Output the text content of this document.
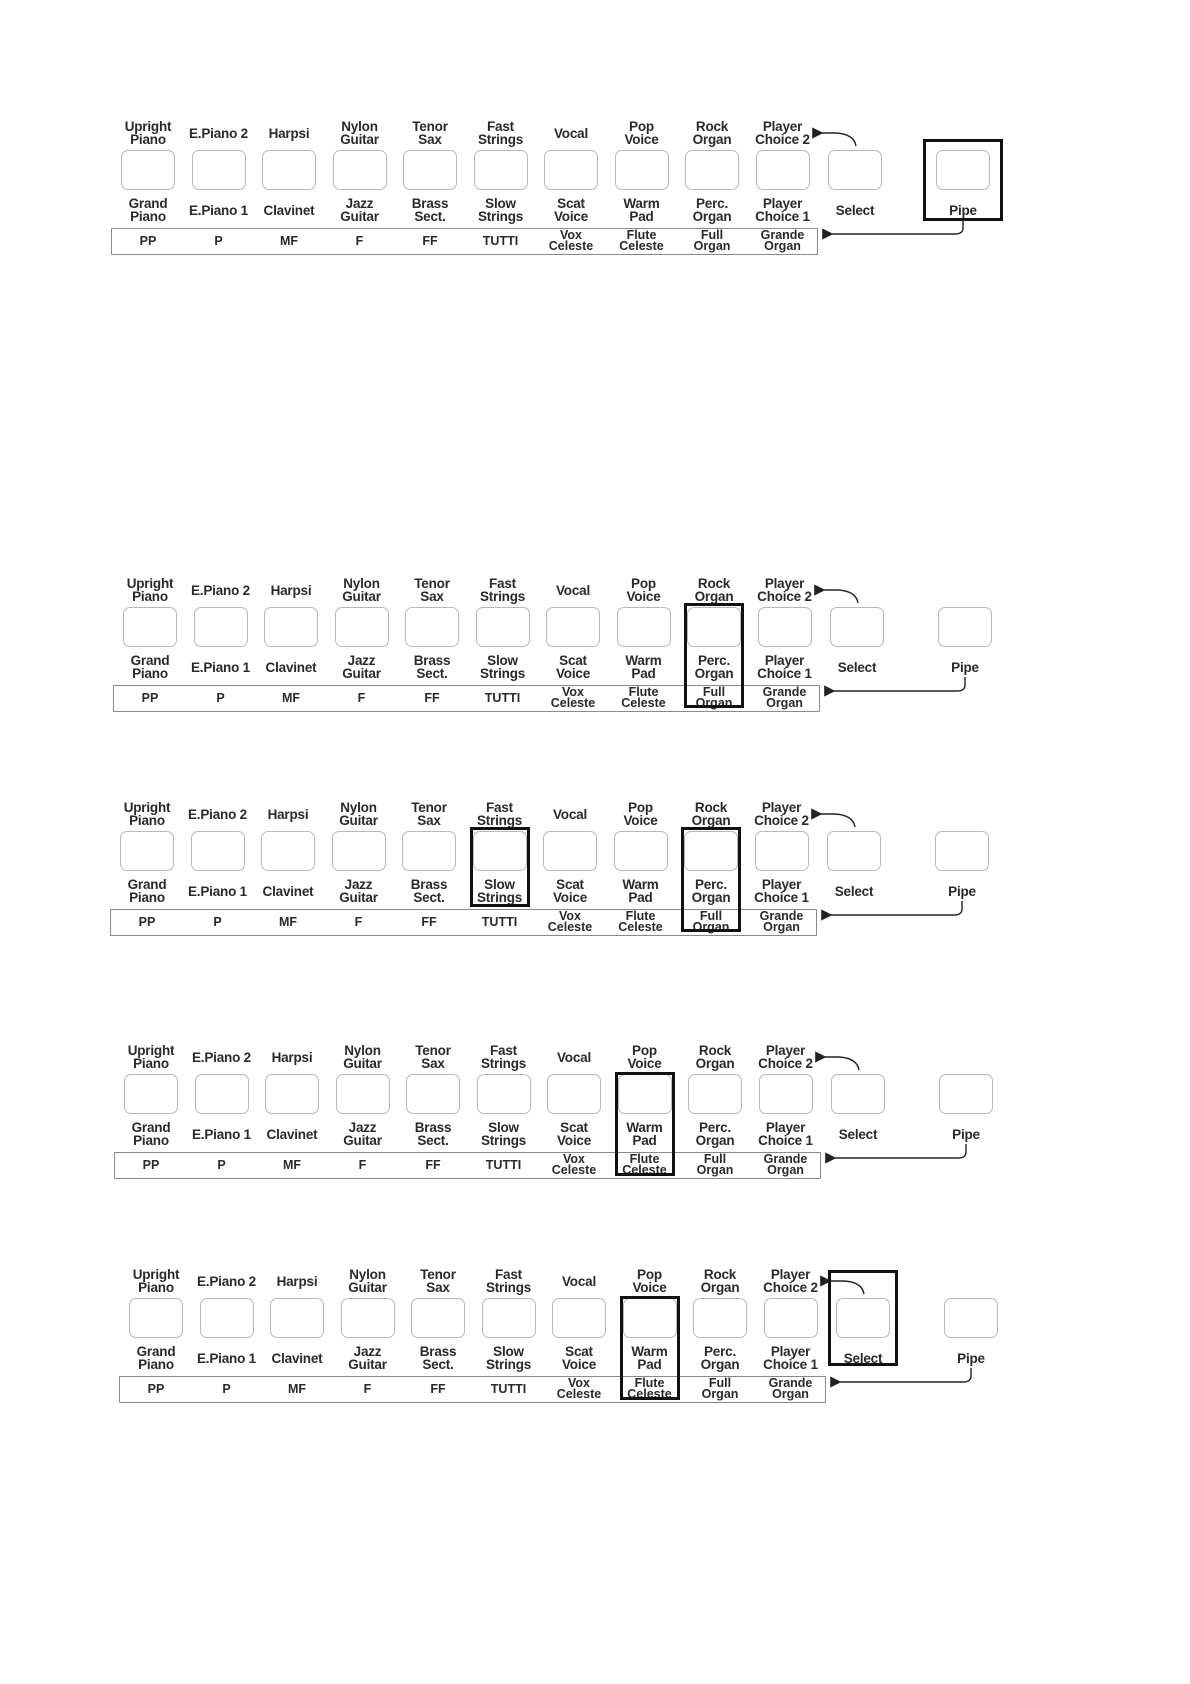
Upright
Piano
Grand
Piano
PP
E.Piano 2
E.Piano 1
P
Harpsi
Clavinet
MF
Nylon
Guitar
Jazz
Guitar
F
Tenor
Sax
Brass
Sect.
FF
Fast
Strings
Slow
Strings
TUTTI
Vocal
Scat
Voice
Vox
Celeste
Pop
Voice
Warm
Pad
Flute
Celeste
Rock
Organ
Perc.
Organ
Full
Organ
Player
Choice 2
Player
Choice 1
Grande
Organ
Select	Pipe
Upright
Piano
Grand
Piano
PP
E.Piano 2
E.Piano 1
P
Harpsi
Clavinet
MF
Nylon
Guitar
Jazz
Guitar
F
Tenor
Sax
Brass
Sect.
FF
Fast
Strings
Slow
Strings
TUTTI
Vocal
Scat
Voice
Vox
Celeste
Pop
Voice
Warm
Pad
Flute
Celeste
Rock
Organ
Perc.
Organ
Full
Organ
Player
Choice 2
Player
Choice 1
Grande
Organ
Select	Pipe
Upright
Piano
Grand
Piano
PP
E.Piano 2
E.Piano 1
P
Harpsi
Clavinet
MF
Nylon
Guitar
Jazz
Guitar
F
Tenor
Sax
Brass
Sect.
FF
Fast
Strings
Slow
Strings
TUTTI
Vocal
Scat
Voice
Vox
Celeste
Pop
Voice
Warm
Pad
Flute
Celeste
Rock
Organ
Perc.
Organ
Full
Organ
Player
Choice 2
Player
Choice 1
Grande
Organ
Select	Pipe
Upright
Piano
Grand
Piano
PP
E.Piano 2
E.Piano 1
P
Harpsi
Clavinet
MF
Nylon
Guitar
Jazz
Guitar
F
Tenor
Sax
Brass
Sect.
FF
Fast
Strings
Slow
Strings
TUTTI
Vocal
Scat
Voice
Vox
Celeste
Pop
Voice
Warm
Pad
Flute
Celeste
Rock
Organ
Perc.
Organ
Full
Organ
Player
Choice 2
Player
Choice 1
Grande
Organ
Select	Pipe
Upright
Piano
Grand
Piano
PP
E.Piano 2
E.Piano 1
P
Harpsi
Clavinet
MF
Nylon
Guitar
Jazz
Guitar
F
Tenor
Sax
Brass
Sect.
FF
Fast
Strings
Slow
Strings
TUTTI
Vocal
Scat
Voice
Vox
Celeste
Pop
Voice
Warm
Pad
Flute
Celeste
Rock
Organ
Perc.
Organ
Full
Organ
Player
Choice 2
Player
Choice 1
Grande
Organ
Select	Pipe
